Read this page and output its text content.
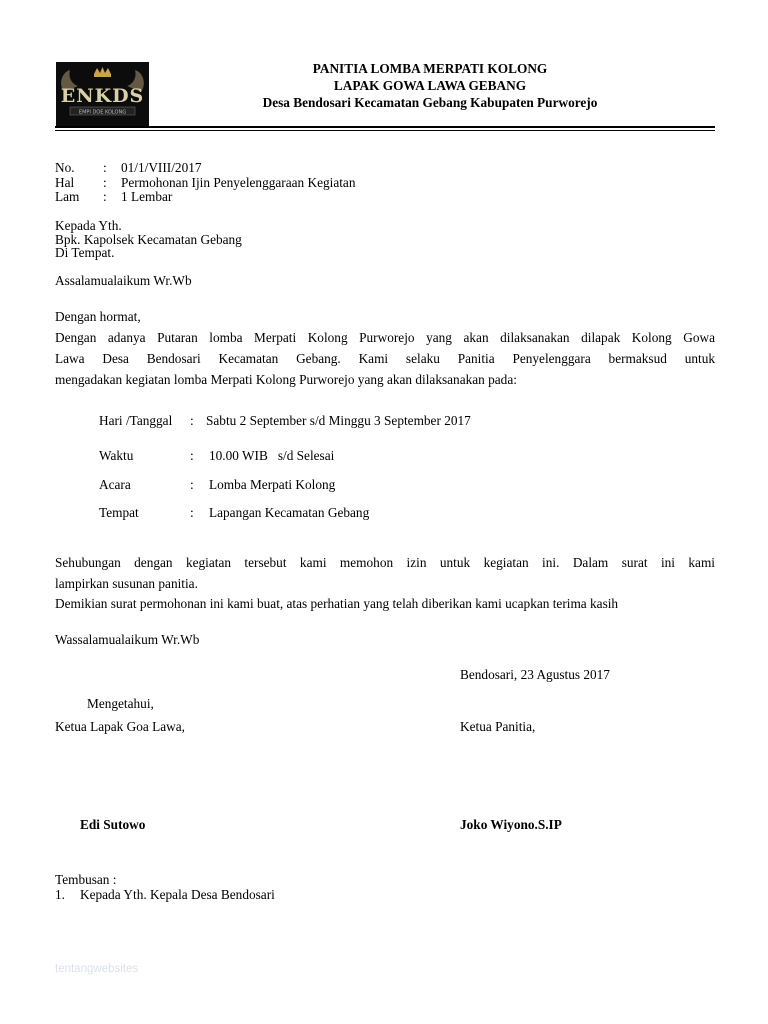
ENKDS
EMPI DOE KOLONG
PANITIA LOMBA MERPATI KOLONG
LAPAK GOWA LAWA GEBANG
Desa Bendosari Kecamatan Gebang Kabupaten Purworejo
No. : 01/1/VIII/2017
Hal : Permohonan Ijin Penyelenggaraan Kegiatan
Lam : 1 Lembar
Kepada Yth.
Bpk. Kapolsek Kecamatan Gebang
Di Tempat.
Assalamualaikum Wr.Wb
Dengan hormat,
Dengan adanya Putaran lomba Merpati Kolong Purworejo yang akan dilaksanakan dilapak Kolong Gowa
Lawa Desa Bendosari Kecamatan Gebang. Kami selaku Panitia Penyelenggara bermaksud untuk
mengadakan kegiatan lomba Merpati Kolong Purworejo yang akan dilaksanakan pada:
Hari /Tanggal : Sabtu 2 September s/d Minggu 3 September 2017
Waktu	: 10.00 WIB   s/d Selesai
Acara	: Lomba Merpati Kolong
Tempat	: Lapangan Kecamatan Gebang
Sehubungan dengan kegiatan tersebut kami memohon izin untuk kegiatan ini. Dalam surat ini kami
lampirkan susunan panitia.
Demikian surat permohonan ini kami buat, atas perhatian yang telah diberikan kami ucapkan terima kasih
Wassalamualaikum Wr.Wb
Bendosari, 23 Agustus 2017
Mengetahui,
Ketua Lapak Goa Lawa,	Ketua Panitia,
Edi Sutowo	Joko Wiyono.S.IP
Tembusan :
1. Kepada Yth. Kepala Desa Bendosari
tentangwebsites
